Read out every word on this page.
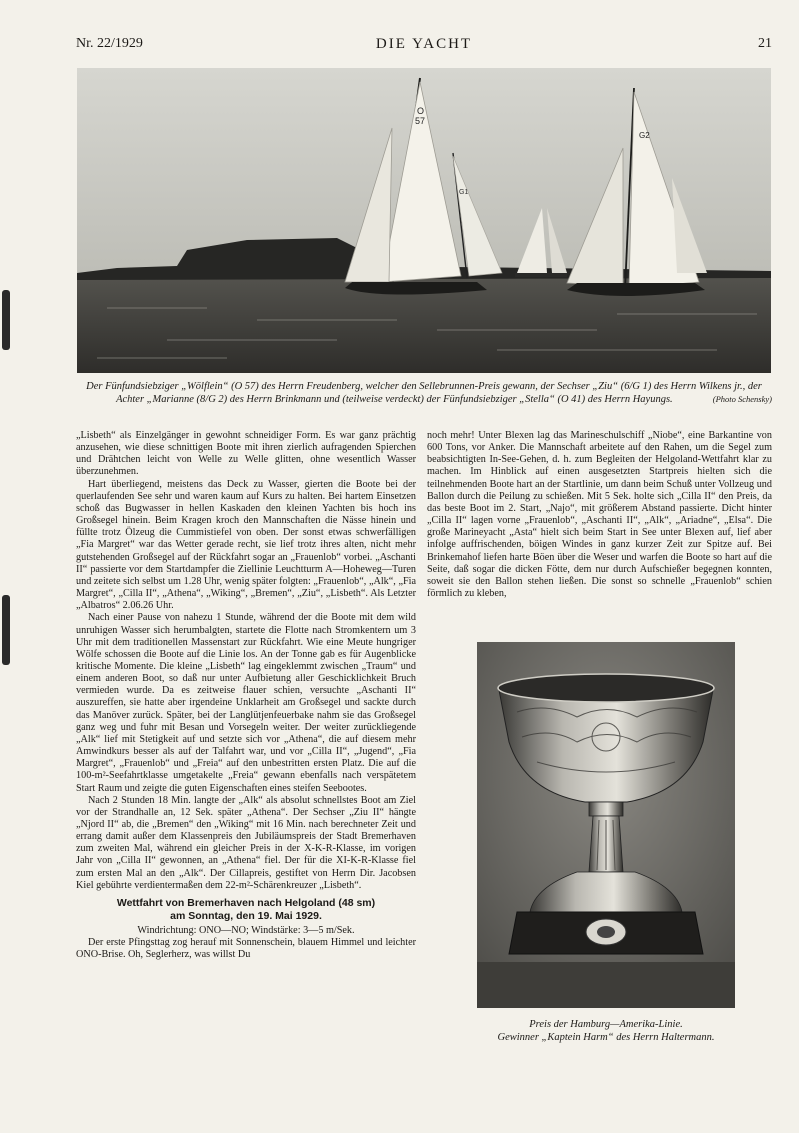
Nr. 22/1929	DIE YACHT	21
O
57
G1
G2
Der Fünfundsiebziger „Wölflein“ (O 57) des Herrn Freudenberg, welcher den Sellebrunnen-Preis gewann, der Sechser „Ziu“ (6/G 1) des Herrn Wilkens jr., der Achter „Marianne (8/G 2) des Herrn Brinkmann und (teilweise verdeckt) der Fünfundsiebziger „Stella“ (O 41) des Herrn Hayungs.	(Photo Schensky)

„Lisbeth“ als Einzelgänger in gewohnt schneidiger Form. Es war ganz prächtig anzusehen, wie diese schnittigen Boote mit ihren zierlich aufragenden Spierchen und Drähtchen leicht von Welle zu Welle glitten, ohne wesentlich Wasser überzunehmen.

Hart überliegend, meistens das Deck zu Wasser, gierten die Boote bei der querlaufenden See sehr und waren kaum auf Kurs zu halten. Bei hartem Einsetzen schoß das Bugwasser in hellen Kaskaden den kleinen Yachten bis hoch ins Großsegel hinein. Beim Kragen kroch den Mannschaften die Nässe hinein und füllte trotz Ölzeug die Cummistiefel von oben. Der sonst etwas schwerfälligen „Fia Margret“ war das Wetter gerade recht, sie lief trotz ihres alten, nicht mehr gutstehenden Großsegel auf der Rückfahrt sogar an „Frauenlob“ vorbei. „Aschanti II“ passierte vor dem Startdampfer die Ziellinie Leuchtturm A—Hoheweg—Turen und zeitete sich selbst um 1.28 Uhr, wenig später folgten: „Frauenlob“, „Alk“, „Fia Margret“, „Cilla II“, „Athena“, „Wiking“, „Bremen“, „Ziu“, „Lisbeth“. Als Letzter „Albatros“ 2.06.26 Uhr.

Nach einer Pause von nahezu 1 Stunde, während der die Boote mit dem wild unruhigen Wasser sich herumbalgten, startete die Flotte nach Stromkentern um 3 Uhr mit dem traditionellen Massenstart zur Rückfahrt. Wie eine Meute hungriger Wölfe schossen die Boote auf die Linie los. An der Tonne gab es für Augenblicke kritische Momente. Die kleine „Lisbeth“ lag eingeklemmt zwischen „Traum“ und einem anderen Boot, so daß nur unter Aufbietung aller Geschicklichkeit Bruch vermieden wurde. Da es zeitweise flauer schien, versuchte „Aschanti II“ auszureffen, sie hatte aber irgendeine Unklarheit am Großsegel und sackte durch das Manöver zurück. Später, bei der Langlütjenfeuerbake nahm sie das Großsegel ganz weg und fuhr mit Besan und Vorsegeln weiter. Der weiter zurückliegende „Alk“ lief mit Stetigkeit auf und setzte sich vor „Athena“, die auf diesem mehr Amwindkurs besser als auf der Talfahrt war, und vor „Cilla II“, „Jugend“, „Fia Margret“, „Frauenlob“ und „Freia“ auf den unbestritten ersten Platz. Die auf die 100-m²-Seefahrtklasse umgetakelte „Freia“ gewann ebenfalls nach verspätetem Start Raum und zeigte die guten Eigenschaften eines steifen Seebootes.

Nach 2 Stunden 18 Min. langte der „Alk“ als absolut schnellstes Boot am Ziel vor der Strandhalle an, 12 Sek. später „Athena“. Der Sechser „Ziu II“ hängte „Njord II“ ab, die „Bremen“ den „Wiking“ mit 16 Min. nach berechneter Zeit und errang damit außer dem Klassenpreis den Jubiläumspreis der Stadt Bremerhaven zum zweiten Mal, während ein gleicher Preis in der X-K-R-Klasse, im vorigen Jahr von „Cilla II“ gewonnen, an „Athena“ fiel. Der für die XI-K-R-Klasse fiel zum ersten Mal an den „Alk“. Der Cillapreis, gestiftet von Herrn Dir. Jacobsen Kiel gebührte verdientermaßen dem 22-m²-Schärenkreuzer „Lisbeth“.

Wettfahrt von Bremerhaven nach Helgoland (48 sm)
am Sonntag, den 19. Mai 1929.
Windrichtung: ONO—NO; Windstärke: 3—5 m/Sek.

Der erste Pfingsttag zog herauf mit Sonnenschein, blauem Himmel und leichter ONO-Brise. Oh, Seglerherz, was willst Du

noch mehr! Unter Blexen lag das Marineschulschiff „Niobe“, eine Barkantine von 600 Tons, vor Anker. Die Mannschaft arbeitete auf den Rahen, um die Segel zum beabsichtigten In-See-Gehen, d. h. zum Begleiten der Helgoland-Wettfahrt klar zu machen. Im Hinblick auf einen ausgesetzten Startpreis hielten sich die teilnehmenden Boote hart an der Startlinie, um dann beim Schuß unter Vollzeug und Ballon durch die Peilung zu schießen. Mit 5 Sek. holte sich „Cilla II“ den Preis, da das beste Boot im 2. Start, „Najo“, mit größerem Abstand passierte. Dicht hinter „Cilla II“ lagen vorne „Frauenlob“, „Aschanti II“, „Alk“, „Ariadne“, „Elsa“. Die große Marineyacht „Asta“ hielt sich beim Start in See unter Blexen auf, lief aber infolge auffrischenden, böigen Windes in ganz kurzer Zeit zur Spitze auf. Bei Brinkemahof liefen harte Böen über die Weser und warfen die Boote so hart auf die Seite, daß sogar die dicken Fötte, dem nur durch Aufschießer begegnen konnten, soweit sie den Ballon stehen ließen. Die sonst so schnelle „Frauenlob“ schien förmlich zu kleben,

Preis der Hamburg—Amerika-Linie.
Gewinner „Kaptein Harm“ des Herrn Haltermann.
